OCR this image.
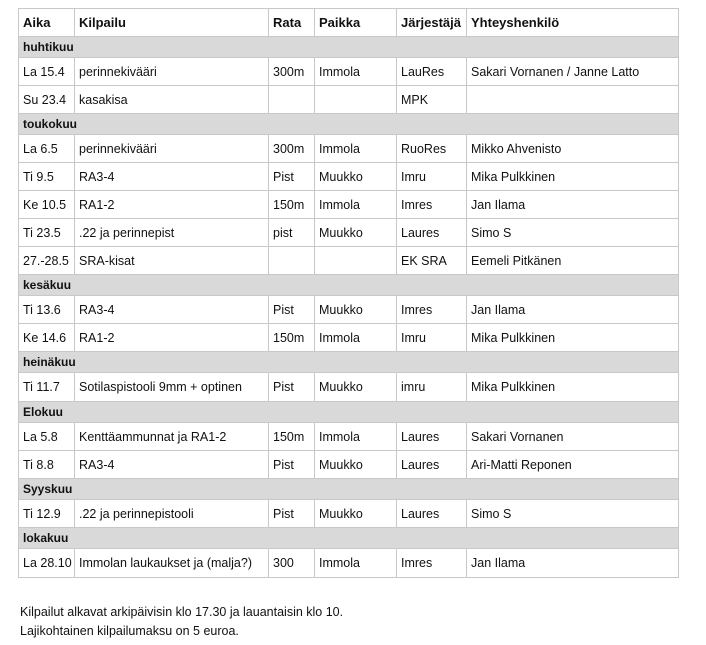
Aika	Kilpailu	Rata	Paikka	Järjestäjä	Yhteyshenkilö
huhtikuu					
La 15.4	perinnekivääri	300m	Immola	LauRes	Sakari Vornanen / Janne Latto
Su 23.4	kasakisa			MPK	
toukokuu					
La 6.5	perinnekivääri	300m	Immola	RuoRes	Mikko Ahvenisto
Ti 9.5	RA3-4	Pist	Muukko	Imru	Mika Pulkkinen
Ke 10.5	RA1-2	150m	Immola	Imres	Jan Ilama
Ti 23.5	.22 ja perinnepist	pist	Muukko	Laures	Simo S
27.-28.5	SRA-kisat			EK SRA	Eemeli Pitkänen
kesäkuu					
Ti 13.6	RA3-4	Pist	Muukko	Imres	Jan Ilama
Ke 14.6	RA1-2	150m	Immola	Imru	Mika Pulkkinen
heinäkuu					
Ti 11.7	Sotilaspistooli 9mm + optinen	Pist	Muukko	imru	Mika Pulkkinen
Elokuu					
La 5.8	Kenttäammunnat ja RA1-2	150m	Immola	Laures	Sakari Vornanen
Ti 8.8	RA3-4	Pist	Muukko	Laures	Ari-Matti Reponen
Syyskuu					
Ti 12.9	.22 ja perinnepistooli	Pist	Muukko	Laures	Simo S
lokakuu					
La 28.10	Immolan laukaukset ja (malja?)	300	Immola	Imres	Jan Ilama
Kilpailut alkavat arkipäivisin klo 17.30 ja lauantaisin klo 10.
Lajikohtainen kilpailumaksu on 5 euroa.
